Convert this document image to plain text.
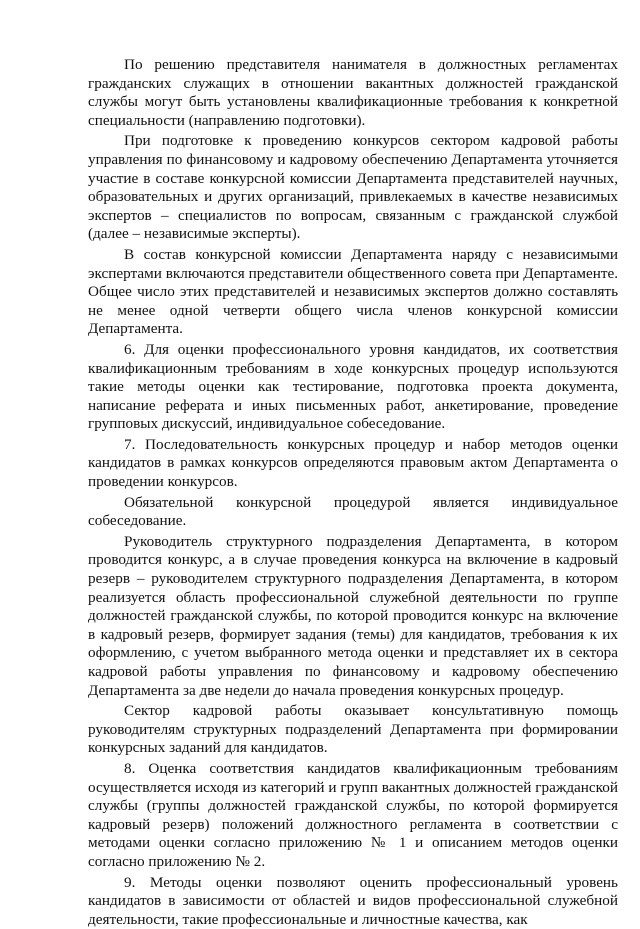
По решению представителя нанимателя в должностных регламентах гражданских служащих в отношении вакантных должностей гражданской службы могут быть установлены квалификационные требования к конкретной специальности (направлению подготовки).

При подготовке к проведению конкурсов сектором кадровой работы управления по финансовому и кадровому обеспечению Департамента уточняется участие в составе конкурсной комиссии Департамента представителей научных, образовательных и других организаций, привлекаемых в качестве независимых экспертов – специалистов по вопросам, связанным с гражданской службой (далее – независимые эксперты).

В состав конкурсной комиссии Департамента наряду с независимыми экспертами включаются представители общественного совета при Департаменте. Общее число этих представителей и независимых экспертов должно составлять не менее одной четверти общего числа членов конкурсной комиссии Департамента.

6. Для оценки профессионального уровня кандидатов, их соответствия квалификационным требованиям в ходе конкурсных процедур используются такие методы оценки как тестирование, подготовка проекта документа, написание реферата и иных письменных работ, анкетирование, проведение групповых дискуссий, индивидуальное собеседование.

7. Последовательность конкурсных процедур и набор методов оценки кандидатов в рамках конкурсов определяются правовым актом Департамента о проведении конкурсов.

Обязательной конкурсной процедурой является индивидуальное собеседование.

Руководитель структурного подразделения Департамента, в котором проводится конкурс, а в случае проведения конкурса на включение в кадровый резерв – руководителем структурного подразделения Департамента, в котором реализуется область профессиональной служебной деятельности по группе должностей гражданской службы, по которой проводится конкурс на включение в кадровый резерв, формирует задания (темы) для кандидатов, требования к их оформлению, с учетом выбранного метода оценки и представляет их в сектора кадровой работы управления по финансовому и кадровому обеспечению Департамента за две недели до начала проведения конкурсных процедур.

Сектор кадровой работы оказывает консультативную помощь руководителям структурных подразделений Департамента при формировании конкурсных заданий для кандидатов.

8. Оценка соответствия кандидатов квалификационным требованиям осуществляется исходя из категорий и групп вакантных должностей гражданской службы (группы должностей гражданской службы, по которой формируется кадровый резерв) положений должностного регламента в соответствии с методами оценки согласно приложению № 1 и описанием методов оценки согласно приложению № 2.

9. Методы оценки позволяют оценить профессиональный уровень кандидатов в зависимости от областей и видов профессиональной служебной деятельности, такие профессиональные и личностные качества, как
